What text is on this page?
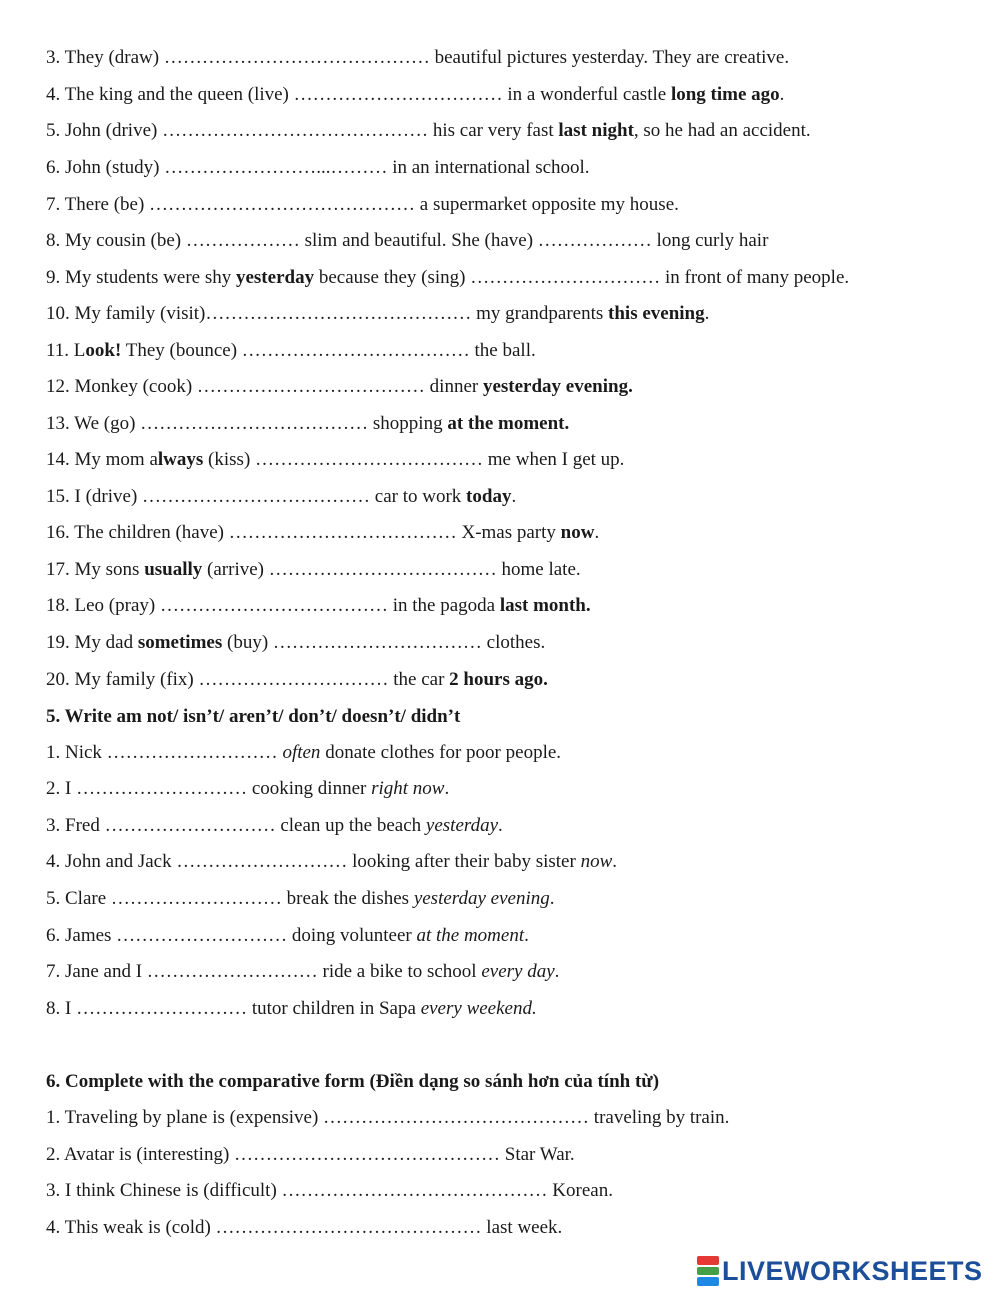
3. They (draw) …………………………………… beautiful pictures yesterday. They are creative.
4. The king and the queen (live) …………………………… in a wonderful castle long time ago.
5. John (drive) …………………………………… his car very fast last night, so he had an accident.
6. John (study) ……………………...……… in an international school.
7. There (be) …………………………………… a supermarket opposite my house.
8. My cousin (be) ……………… slim and beautiful. She (have) ……………… long curly hair
9. My students were shy yesterday because they (sing) ………………………… in front of many people.
10. My family (visit)…………………………………… my grandparents this evening.
11. Look! They (bounce) ……………………………… the ball.
12. Monkey (cook) ……………………………… dinner yesterday evening.
13. We (go) ……………………………… shopping at the moment.
14. My mom always (kiss) ……………………………… me when I get up.
15. I (drive) ……………………………… car to work today.
16. The children (have) ……………………………… X-mas party now.
17. My sons usually (arrive) ……………………………… home late.
18. Leo (pray) ……………………………… in the pagoda last month.
19. My dad sometimes (buy) …………………………… clothes.
20. My family (fix) ………………………… the car 2 hours ago.
5. Write am not/ isn’t/ aren’t/ don’t/ doesn’t/ didn’t
1. Nick ……………………… often donate clothes for poor people.
2. I ……………………… cooking dinner right now.
3. Fred ……………………… clean up the beach yesterday.
4. John and Jack ……………………… looking after their baby sister now.
5. Clare ……………………… break the dishes yesterday evening.
6. James ……………………… doing volunteer at the moment.
7. Jane and I ……………………… ride a bike to school every day.
8. I ……………………… tutor children in Sapa every weekend.
6. Complete with the comparative form (Điền dạng so sánh hơn của tính từ)
1. Traveling by plane is (expensive) …………………………………… traveling by train.
2. Avatar is (interesting) …………………………………… Star War.
3. I think Chinese is (difficult) …………………………………… Korean.
4. This weak is (cold) …………………………………… last week.
LIVEWORKSHEETS
